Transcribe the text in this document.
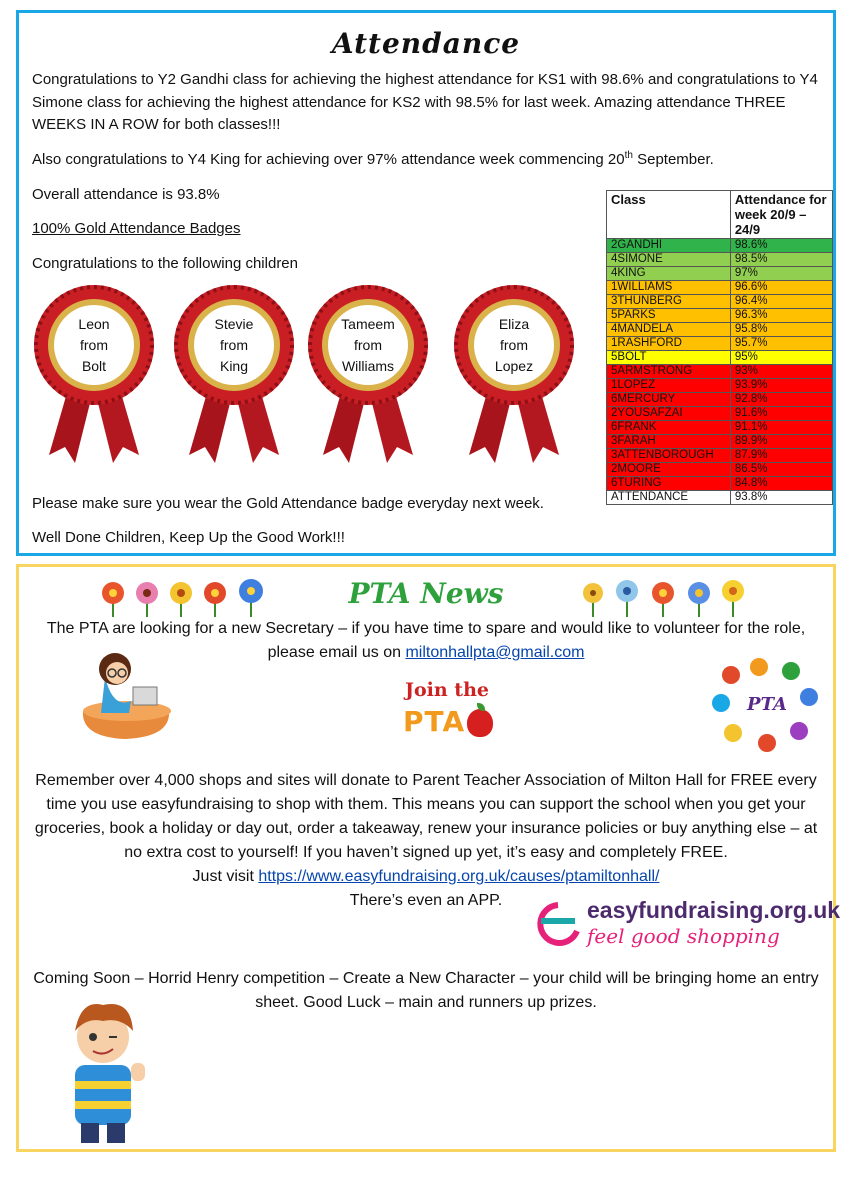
Attendance

Congratulations to Y2 Gandhi class for achieving the highest attendance for KS1 with 98.6% and congratulations to Y4 Simone class for achieving the highest attendance for KS2 with 98.5% for last week. Amazing attendance THREE WEEKS IN A ROW for both classes!!!

Also congratulations to Y4 King for achieving over 97% attendance week commencing 20th September.

Overall attendance is 93.8%

100% Gold Attendance Badges

Congratulations to the following children

Leon
from
Bolt
Stevie
from
King
Tameem
from
Williams
Eliza
from
Lopez
Class	Attendance for week 20/9 – 24/9
2GANDHI	98.6%
4SIMONE	98.5%
4KING	97%
1WILLIAMS	96.6%
3THUNBERG	96.4%
5PARKS	96.3%
4MANDELA	95.8%
1RASHFORD	95.7%
5BOLT	95%
5ARMSTRONG	93%
1LOPEZ	93.9%
6MERCURY	92.8%
2YOUSAFZAI	91.6%
6FRANK	91.1%
3FARAH	89.9%
3ATTENBOROUGH	87.9%
2MOORE	86.5%
6TURING	84.8%
ATTENDANCE	93.8%

Please make sure you wear the Gold Attendance badge everyday next week.

Well Done Children, Keep Up the Good Work!!!

PTA News

The PTA are looking for a new Secretary – if you have time to spare and would like to volunteer for the role, please email us on miltonhallpta@gmail.com

Join the
PTA
PTA

Remember over 4,000 shops and sites will donate to Parent Teacher Association of Milton Hall for FREE every time you use easyfundraising to shop with them. This means you can support the school when you get your groceries, book a holiday or day out, order a takeaway, renew your insurance policies or buy anything else – at no extra cost to yourself! If you haven’t signed up yet, it’s easy and completely FREE.
Just visit https://www.easyfundraising.org.uk/causes/ptamiltonhall/
There’s even an APP.	easyfundraising.org.uk
feel good shopping

Coming Soon – Horrid Henry competition – Create a New Character – your child will be bringing home an entry sheet. Good Luck – main and runners up prizes.
